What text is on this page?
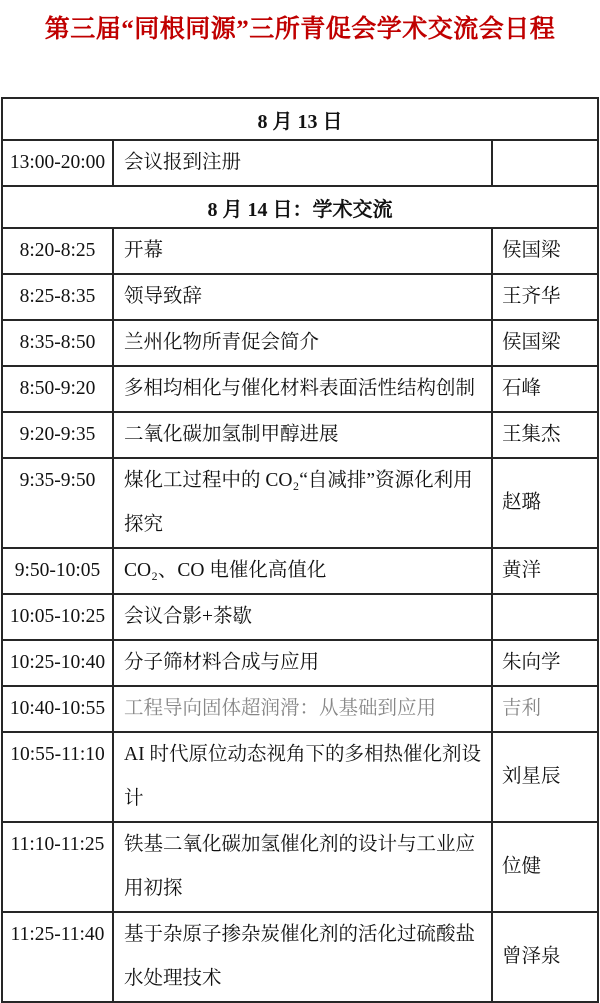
第三届“同根同源”三所青促会学术交流会日程
8 月 13 日		
13:00-20:00	会议报到注册	
8 月 14 日：学术交流		
8:20-8:25	开幕	侯国梁
8:25-8:35	领导致辞	王齐华
8:35-8:50	兰州化物所青促会简介	侯国梁
8:50-9:20	多相均相化与催化材料表面活性结构创制	石峰
9:20-9:35	二氧化碳加氢制甲醇进展	王集杰
9:35-9:50	煤化工过程中的 CO₂“自减排”资源化利用探究	赵璐
9:50-10:05	CO₂、CO 电催化高值化	黄洋
10:05-10:25	会议合影+茶歇	
10:25-10:40	分子筛材料合成与应用	朱向学
10:40-10:55	工程导向固体超润滑：从基础到应用	吉利
10:55-11:10	AI 时代原位动态视角下的多相热催化剂设计	刘星辰
11:10-11:25	铁基二氧化碳加氢催化剂的设计与工业应用初探	位健
11:25-11:40	基于杂原子掺杂炭催化剂的活化过硫酸盐水处理技术	曾泽泉
